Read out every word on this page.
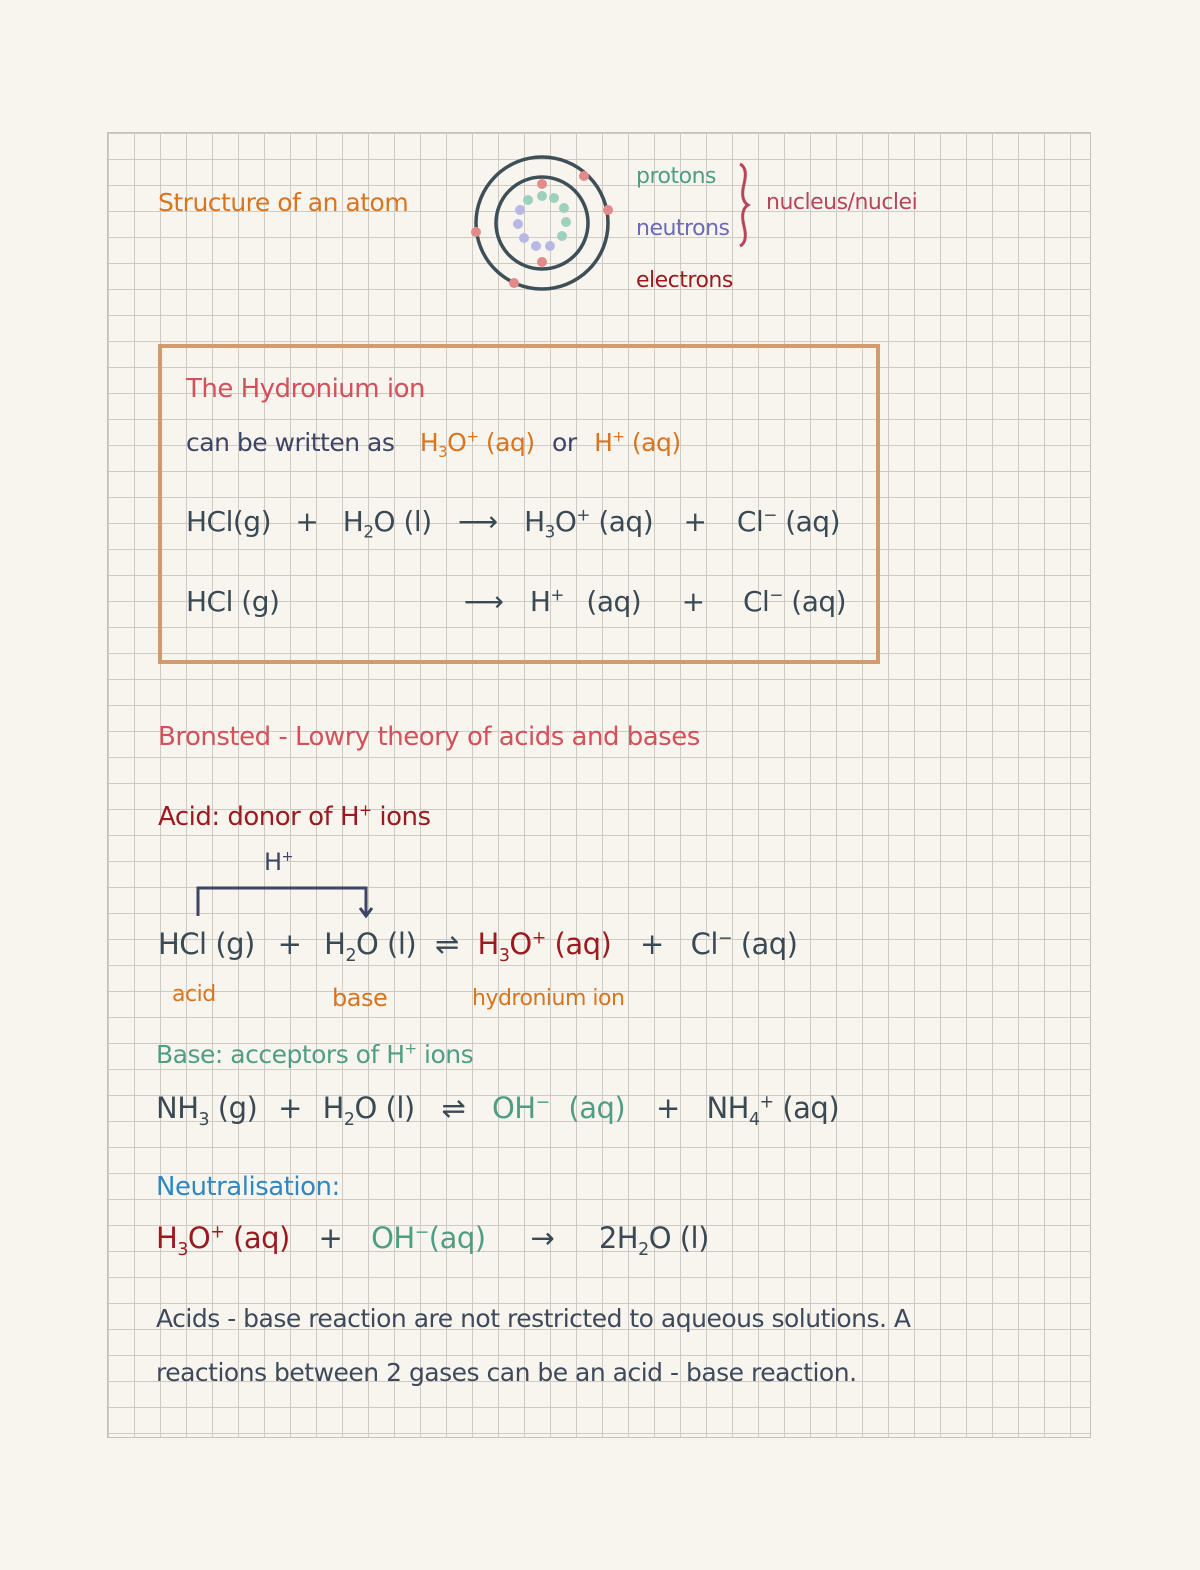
Structure of an atom
protons
neutrons
electrons
nucleus/nuclei
The Hydronium ion
can be written as $H_3O^+$ (aq) or H+ (aq)
$HCl(g) + H_2O$ (l) ⟶ $H_3O^+$ (aq) + Cl− (aq)
HCl (g)	⟶ H+ (aq) + Cl− (aq)
Bronsted - Lowry theory of acids and bases
Acid: donor of H+ ions
H+
HCl $(g) + H_2O$ (l) ⇌ $H_3O^+$ (aq) + Cl− (aq)
acid	base	hydronium ion
Base: acceptors of H+ ions
$NH_3$ $(g) + H_2O$ (l) ⇌ OH− $(aq) + NH_4^+$ (aq)
Neutralisation:
$H_3O^+$ $(aq) + OH^-(aq) \to 2H_2O$ (l)
Acids - base reaction are not restricted to aqueous solutions. A
reactions between 2 gases can be an acid - base reaction.
